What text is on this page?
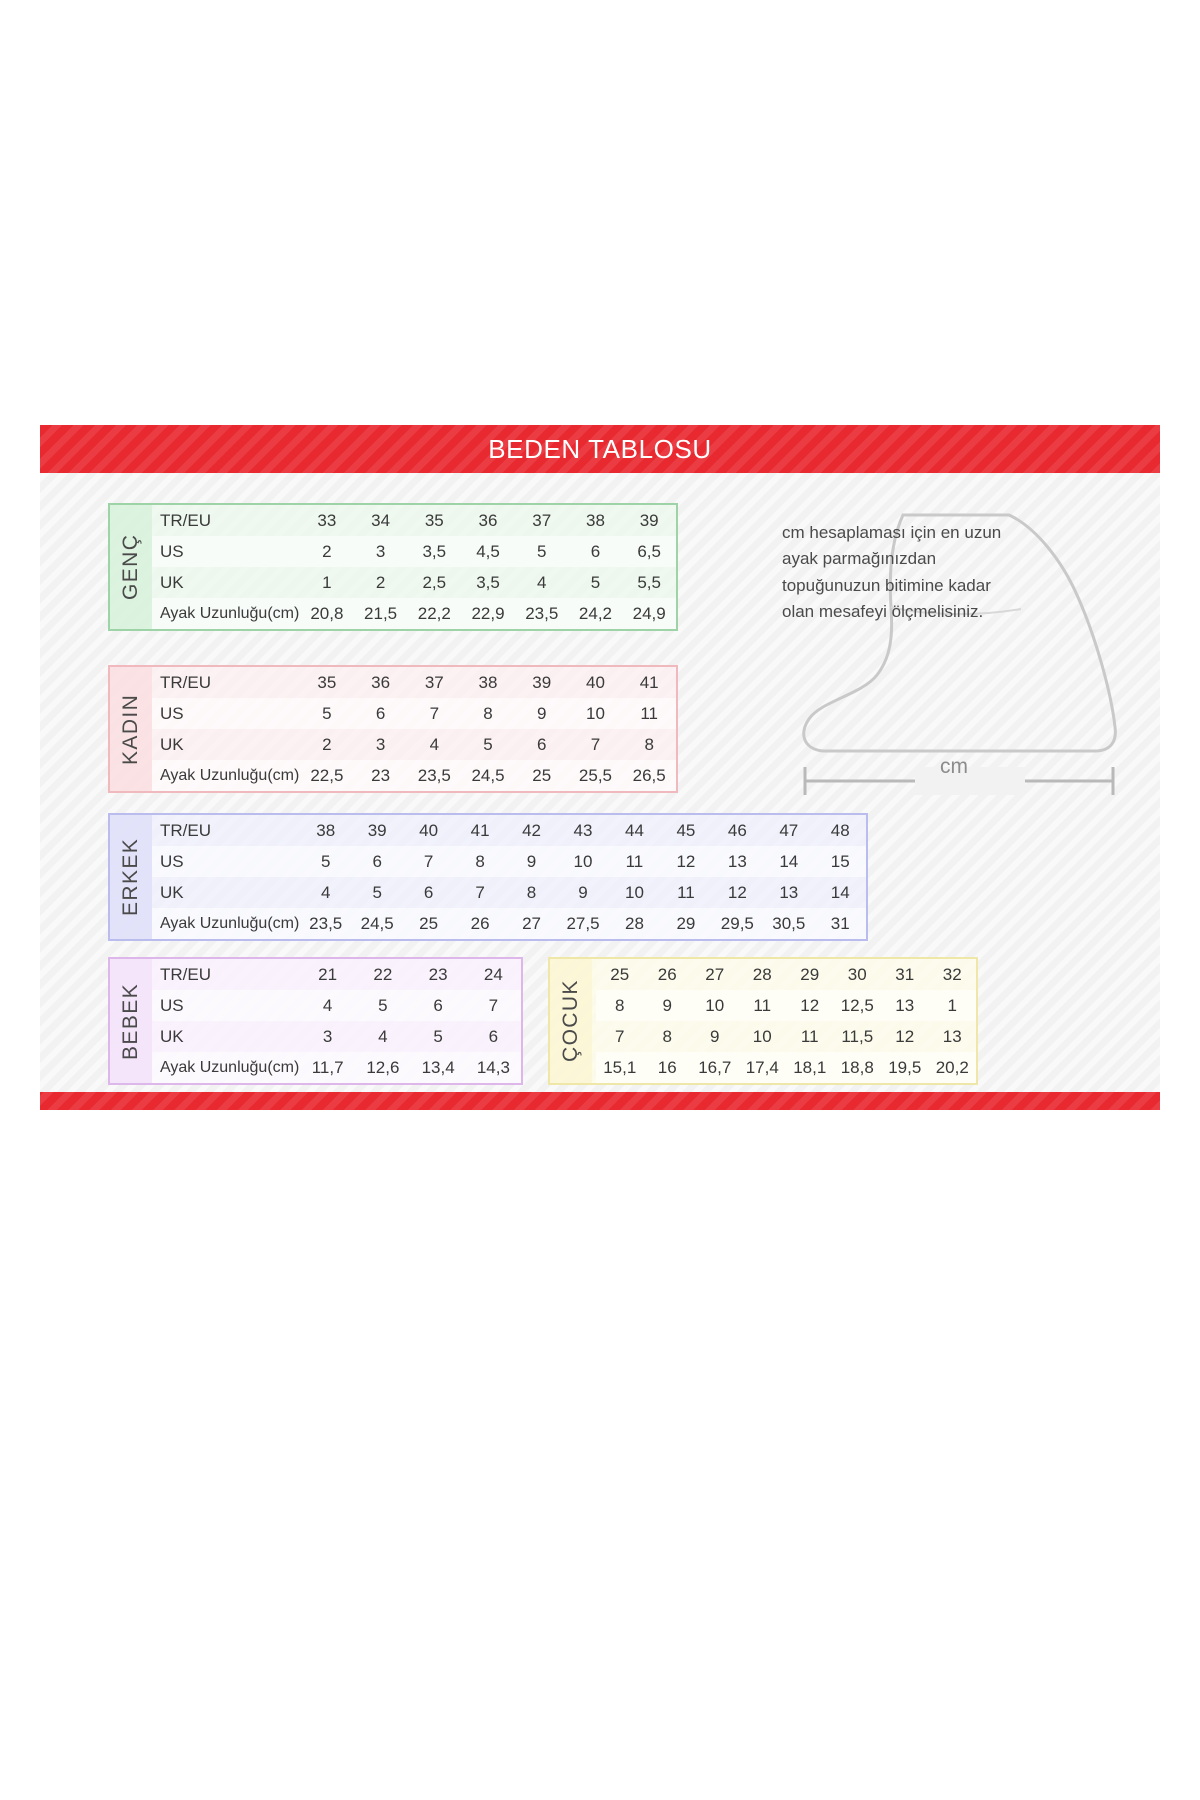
BEDEN TABLOSU
GENÇ
TR/EU	33	34	35	36	37	38	39
US	2	3	3,5	4,5	5	6	6,5
UK	1	2	2,5	3,5	4	5	5,5
Ayak Uzunluğu(cm) 20,8	21,5	22,2	22,9	23,5	24,2	24,9
KADIN
TR/EU	35	36	37	38	39	40	41
US	5	6	7	8	9	10	11
UK	2	3	4	5	6	7	8
Ayak Uzunluğu(cm) 22,5	23	23,5	24,5	25	25,5	26,5
ERKEK
TR/EU	38	39	40	41	42	43	44	45	46	47	48
US	5	6	7	8	9	10	11	12	13	14	15
UK	4	5	6	7	8	9	10	11	12	13	14
Ayak Uzunluğu(cm) 23,5	24,5	25	26	27	27,5	28	29	29,5	30,5	31
BEBEK
TR/EU	21	22	23	24
US	4	5	6	7
UK	3	4	5	6
Ayak Uzunluğu(cm) 11,7	12,6	13,4	14,3
ÇOCUK
25	26	27	28	29	30	31	32
8	9	10	11	12	12,5	13	1
7	8	9	10	11	11,5	12	13
15,1	16	16,7 17,4 18,1 18,8 19,5 20,2
cm
cm hesaplaması için en uzun ayak parmağınızdan topuğunuzun bitimine kadar olan mesafeyi ölçmelisiniz.
